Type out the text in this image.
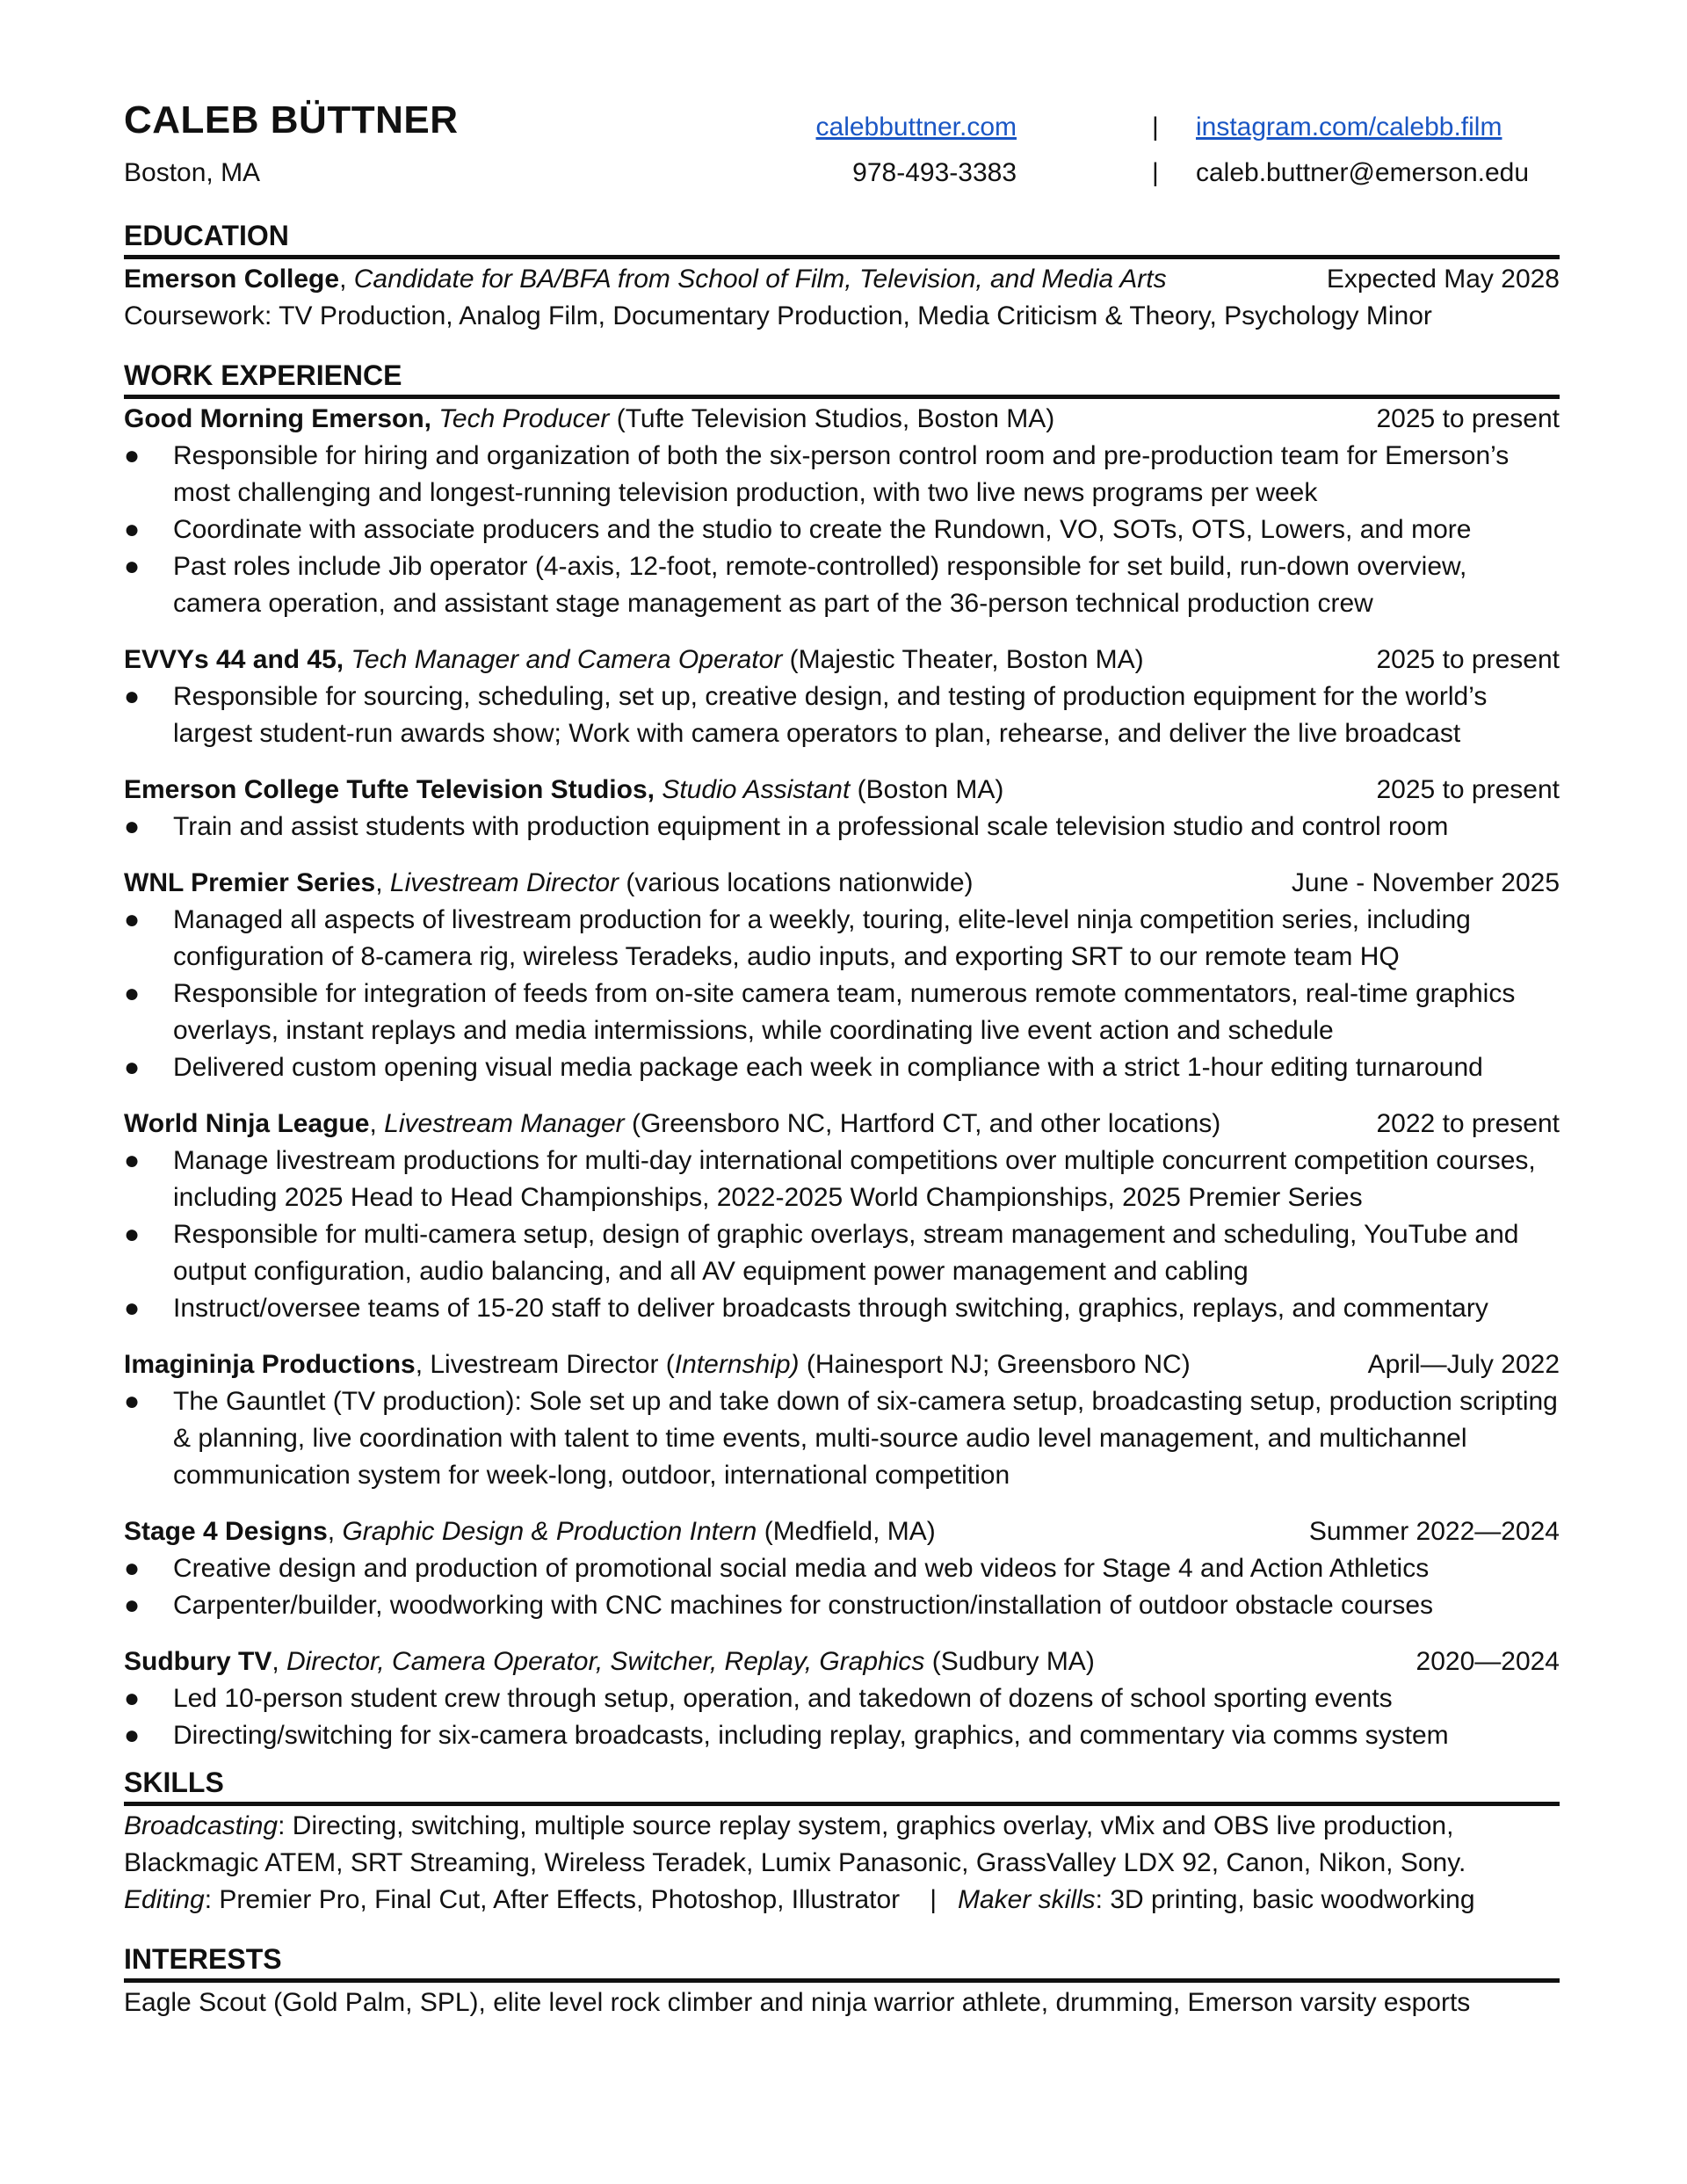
CALEB BÜTTNER
Boston, MA
calebbuttner.com	| instagram.com/calebb.film
978-493-3383	| caleb.buttner@emerson.edu
EDUCATION
Emerson College, Candidate for BA/BFA from School of Film, Television, and Media Arts	Expected May 2028
Coursework: TV Production, Analog Film, Documentary Production, Media Criticism & Theory, Psychology Minor
WORK EXPERIENCE
Good Morning Emerson, Tech Producer (Tufte Television Studios, Boston MA)	2025 to present
● Responsible for hiring and organization of both the six-person control room and pre-production team for Emerson’s most challenging and longest-running television production, with two live news programs per week
● Coordinate with associate producers and the studio to create the Rundown, VO, SOTs, OTS, Lowers, and more
● Past roles include Jib operator (4-axis, 12-foot, remote-controlled) responsible for set build, run-down overview, camera operation, and assistant stage management as part of the 36-person technical production crew
EVVYs 44 and 45, Tech Manager and Camera Operator (Majestic Theater, Boston MA)	2025 to present
● Responsible for sourcing, scheduling, set up, creative design, and testing of production equipment for the world’s largest student-run awards show; Work with camera operators to plan, rehearse, and deliver the live broadcast
Emerson College Tufte Television Studios, Studio Assistant (Boston MA)	2025 to present
● Train and assist students with production equipment in a professional scale television studio and control room
WNL Premier Series, Livestream Director (various locations nationwide)	June - November 2025
● Managed all aspects of livestream production for a weekly, touring, elite-level ninja competition series, including configuration of 8-camera rig, wireless Teradeks, audio inputs, and exporting SRT to our remote team HQ
● Responsible for integration of feeds from on-site camera team, numerous remote commentators, real-time graphics overlays, instant replays and media intermissions, while coordinating live event action and schedule
● Delivered custom opening visual media package each week in compliance with a strict 1-hour editing turnaround
World Ninja League, Livestream Manager (Greensboro NC, Hartford CT, and other locations)	2022 to present
● Manage livestream productions for multi-day international competitions over multiple concurrent competition courses, including 2025 Head to Head Championships, 2022-2025 World Championships, 2025 Premier Series
● Responsible for multi-camera setup, design of graphic overlays, stream management and scheduling, YouTube and output configuration, audio balancing, and all AV equipment power management and cabling
● Instruct/oversee teams of 15-20 staff to deliver broadcasts through switching, graphics, replays, and commentary
Imagininja Productions, Livestream Director (Internship) (Hainesport NJ; Greensboro NC)	April—July 2022
● The Gauntlet (TV production): Sole set up and take down of six-camera setup, broadcasting setup, production scripting & planning, live coordination with talent to time events, multi-source audio level management, and multichannel communication system for week-long, outdoor, international competition
Stage 4 Designs, Graphic Design & Production Intern (Medfield, MA)	Summer 2022—2024
● Creative design and production of promotional social media and web videos for Stage 4 and Action Athletics
● Carpenter/builder, woodworking with CNC machines for construction/installation of outdoor obstacle courses
Sudbury TV, Director, Camera Operator, Switcher, Replay, Graphics (Sudbury MA)	2020—2024
● Led 10-person student crew through setup, operation, and takedown of dozens of school sporting events
● Directing/switching for six-camera broadcasts, including replay, graphics, and commentary via comms system
SKILLS
Broadcasting: Directing, switching, multiple source replay system, graphics overlay, vMix and OBS live production,
Blackmagic ATEM, SRT Streaming, Wireless Teradek, Lumix Panasonic, GrassValley LDX 92, Canon, Nikon, Sony.
Editing: Premier Pro, Final Cut, After Effects, Photoshop, Illustrator | Maker skills: 3D printing, basic woodworking
INTERESTS
Eagle Scout (Gold Palm, SPL), elite level rock climber and ninja warrior athlete, drumming, Emerson varsity esports
